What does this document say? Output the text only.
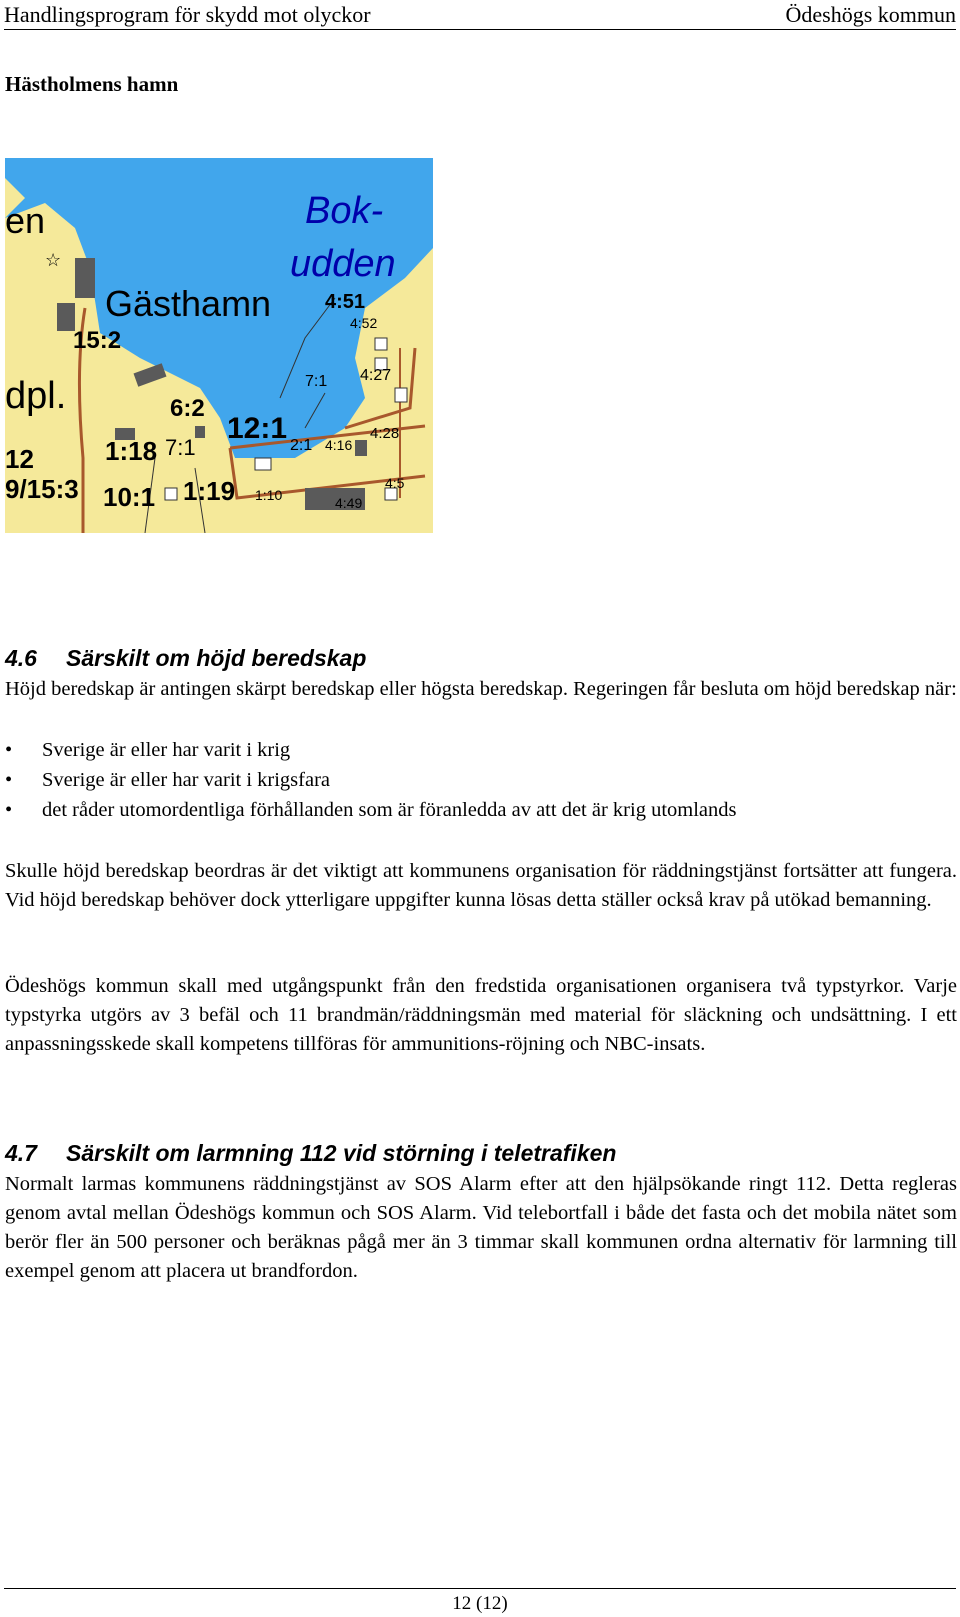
Handlingsprogram för skydd mot olyckor	Ödeshögs kommun
Hästholmens hamn
en	Bok-
udden
Gästhamn	4:51
4:52
15:2
dpl.	7:1 4:27
6:2
12:1	4:28
12	1:18 7:1	2:1 4:16
9/15:3 10:1 1:19 1:10	4:49
4:5
☆
4.6 Särskilt om höjd beredskap
Höjd beredskap är antingen skärpt beredskap eller högsta beredskap. Regeringen får besluta om höjd beredskap när:
• Sverige är eller har varit i krig
• Sverige är eller har varit i krigsfara
• det råder utomordentliga förhållanden som är föranledda av att det är krig utomlands
Skulle höjd beredskap beordras är det viktigt att kommunens organisation för räddningstjänst fortsätter att fungera. Vid höjd beredskap behöver dock ytterligare uppgifter kunna lösas detta ställer också krav på utökad bemanning.
Ödeshögs kommun skall med utgångspunkt från den fredstida organisationen organisera två typstyrkor. Varje typstyrka utgörs av 3 befäl och 11 brandmän/räddningsmän med material för släckning och undsättning. I ett anpassningsskede skall kompetens tillföras för ammunitions-röjning och NBC-insats.
4.7 Särskilt om larmning 112 vid störning i teletrafiken
Normalt larmas kommunens räddningstjänst av SOS Alarm efter att den hjälpsökande ringt 112. Detta regleras genom avtal mellan Ödeshögs kommun och SOS Alarm. Vid telebortfall i både det fasta och det mobila nätet som berör fler än 500 personer och beräknas pågå mer än 3 timmar skall kommunen ordna alternativ för larmning till exempel genom att placera ut brandfordon.
12 (12)
